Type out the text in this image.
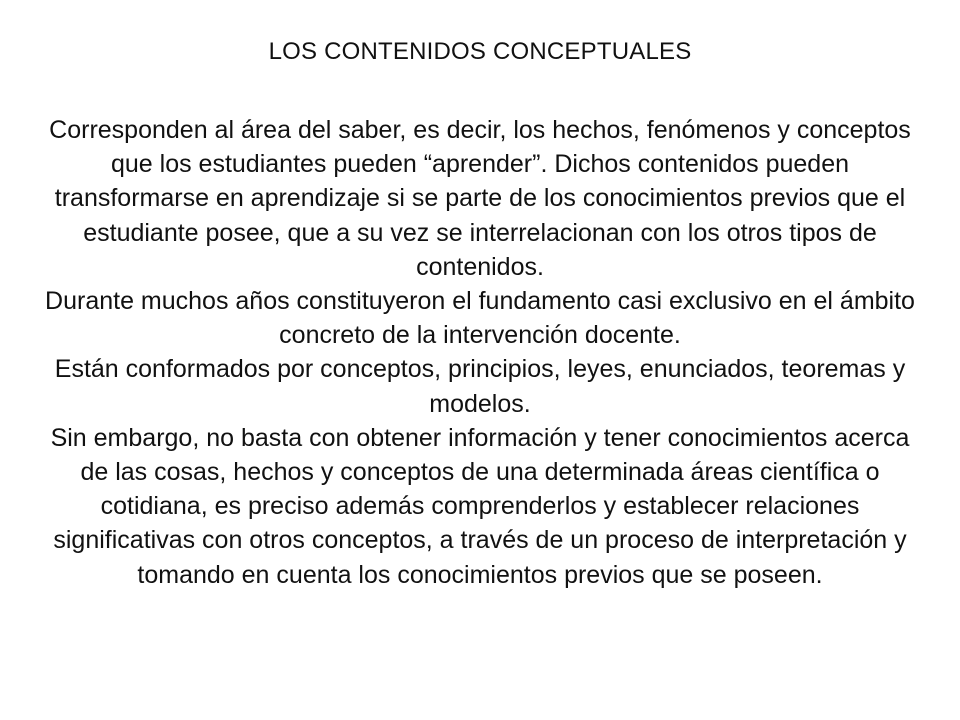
LOS CONTENIDOS CONCEPTUALES

Corresponden al área del saber, es decir, los hechos, fenómenos y conceptos que los estudiantes pueden “aprender”. Dichos contenidos pueden transformarse en aprendizaje si se parte de los conocimientos previos que el estudiante posee, que a su vez se interrelacionan con los otros tipos de contenidos.

Durante muchos años constituyeron el fundamento casi exclusivo en el ámbito concreto de la intervención docente.

Están conformados por conceptos, principios, leyes, enunciados, teoremas y modelos.

Sin embargo, no basta con obtener información y tener conocimientos acerca de las cosas, hechos y conceptos de una determinada áreas científica o cotidiana, es preciso además comprenderlos y establecer relaciones significativas con otros conceptos, a través de un proceso de interpretación y tomando en cuenta los conocimientos previos que se poseen.
